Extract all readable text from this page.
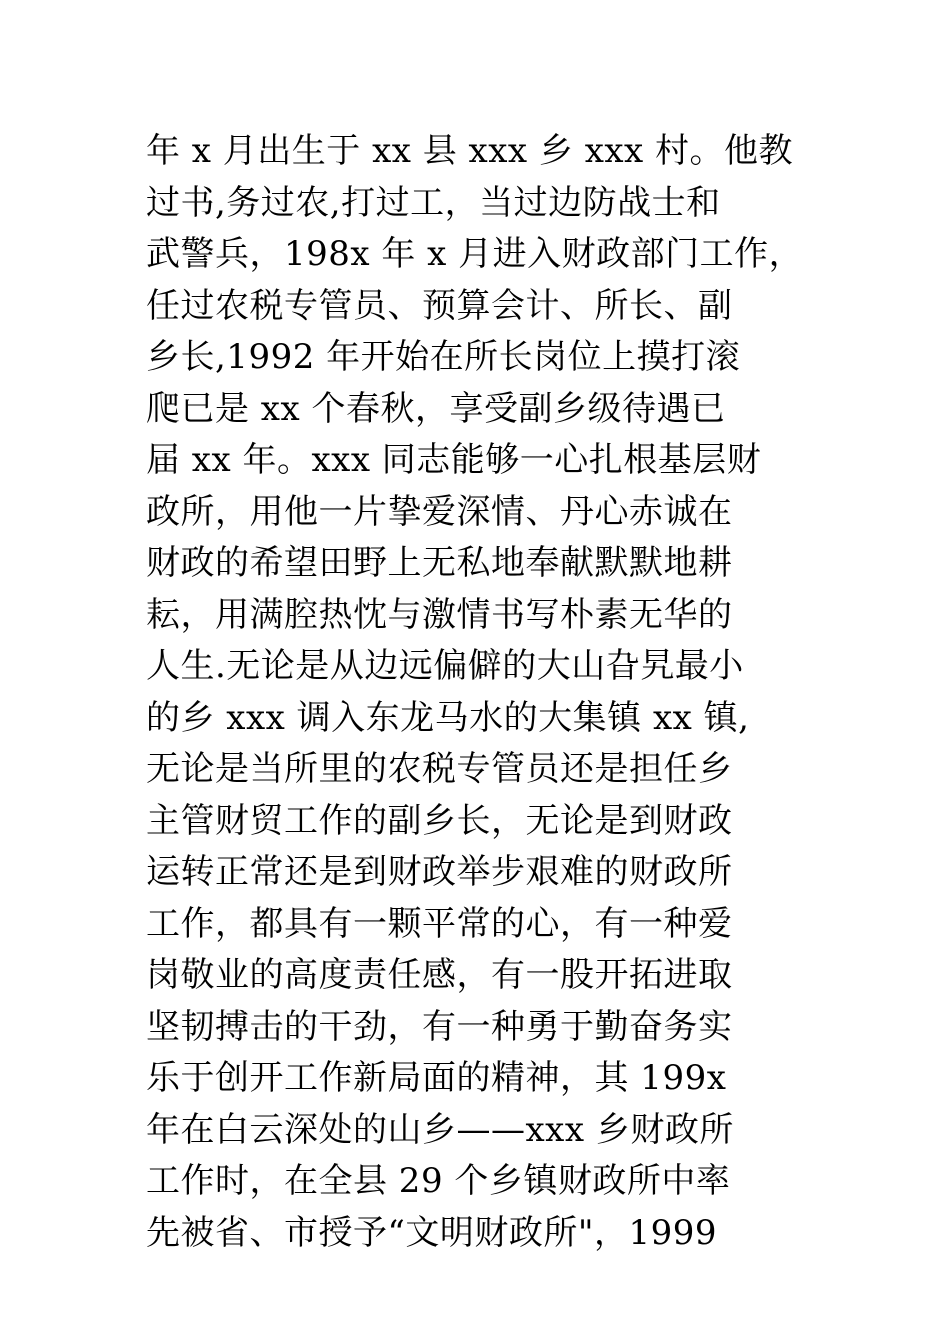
年 x 月出生于 xx 县 xxx 乡 xxx 村。他教
过书,务过农,打过工，当过边防战士和
武警兵，198x 年 x 月进入财政部门工作，
任过农税专管员、预算会计、所长、副
乡长,1992 年开始在所长岗位上摸打滚
爬已是 xx 个春秋，享受副乡级待遇已
届 xx 年。xxx 同志能够一心扎根基层财
政所，用他一片挚爱深情、丹心赤诚在
财政的希望田野上无私地奉献默默地耕
耘，用满腔热忱与激情书写朴素无华的
人生.无论是从边远偏僻的大山旮旯最小
的乡 xxx 调入东龙马水的大集镇 xx 镇,
无论是当所里的农税专管员还是担任乡
主管财贸工作的副乡长，无论是到财政
运转正常还是到财政举步艰难的财政所
工作，都具有一颗平常的心，有一种爱
岗敬业的高度责任感，有一股开拓进取
坚韧搏击的干劲，有一种勇于勤奋务实
乐于创开工作新局面的精神，其 199x
年在白云深处的山乡——xxx 乡财政所
工作时，在全县 29 个乡镇财政所中率
先被省、市授予“文明财政所"，1999
